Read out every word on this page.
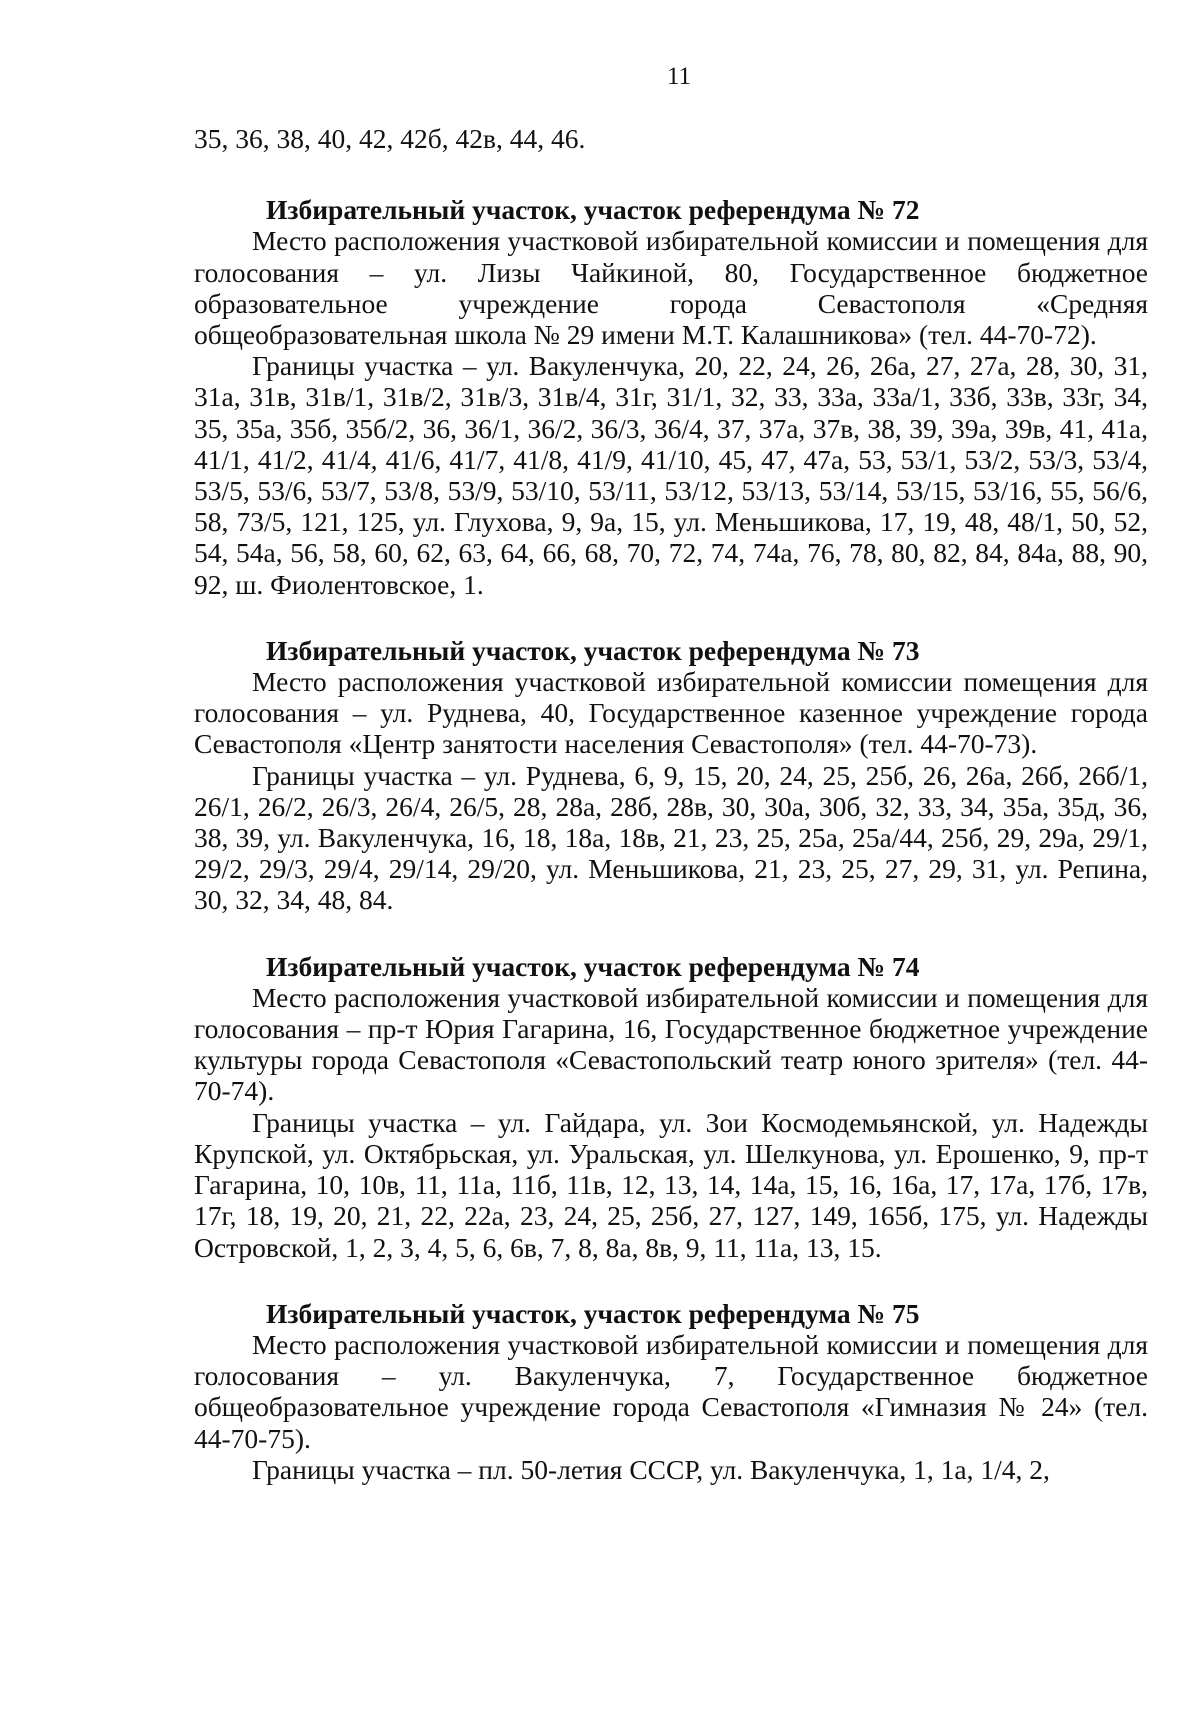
11

35, 36, 38, 40, 42, 42б, 42в, 44, 46.

Избирательный участок, участок референдума № 72

Место расположения участковой избирательной комиссии и помещения для голосования – ул. Лизы Чайкиной, 80, Государственное бюджетное образовательное учреждение города Севастополя «Средняя общеобразовательная школа № 29 имени М.Т. Калашникова» (тел. 44-70-72).

Границы участка – ул. Вакуленчука, 20, 22, 24, 26, 26а, 27, 27а, 28, 30, 31, 31а, 31в, 31в/1, 31в/2, 31в/3, 31в/4, 31г, 31/1, 32, 33, 33а, 33а/1, 33б, 33в, 33г, 34, 35, 35а, 35б, 35б/2, 36, 36/1, 36/2, 36/3, 36/4, 37, 37а, 37в, 38, 39, 39а, 39в, 41, 41а, 41/1, 41/2, 41/4, 41/6, 41/7, 41/8, 41/9, 41/10, 45, 47, 47а, 53, 53/1, 53/2, 53/3, 53/4, 53/5, 53/6, 53/7, 53/8, 53/9, 53/10, 53/11, 53/12, 53/13, 53/14, 53/15, 53/16, 55, 56/6, 58, 73/5, 121, 125, ул. Глухова, 9, 9а, 15, ул. Меньшикова, 17, 19, 48, 48/1, 50, 52, 54, 54а, 56, 58, 60, 62, 63, 64, 66, 68, 70, 72, 74, 74а, 76, 78, 80, 82, 84, 84а, 88, 90, 92, ш. Фиолентовское, 1.

Избирательный участок, участок референдума № 73

Место расположения участковой избирательной комиссии помещения для голосования – ул. Руднева, 40, Государственное казенное учреждение города Севастополя «Центр занятости населения Севастополя» (тел. 44-70-73).

Границы участка – ул. Руднева, 6, 9, 15, 20, 24, 25, 25б, 26, 26а, 26б, 26б/1, 26/1, 26/2, 26/3, 26/4, 26/5, 28, 28а, 28б, 28в, 30, 30а, 30б, 32, 33, 34, 35а, 35д, 36, 38, 39, ул. Вакуленчука, 16, 18, 18а, 18в, 21, 23, 25, 25а, 25а/44, 25б, 29, 29а, 29/1, 29/2, 29/3, 29/4, 29/14, 29/20, ул. Меньшикова, 21, 23, 25, 27, 29, 31, ул. Репина, 30, 32, 34, 48, 84.

Избирательный участок, участок референдума № 74

Место расположения участковой избирательной комиссии и помещения для голосования – пр-т Юрия Гагарина, 16, Государственное бюджетное учреждение культуры города Севастополя «Севастопольский театр юного зрителя» (тел. 44-70-74).

Границы участка – ул. Гайдара, ул. Зои Космодемьянской, ул. Надежды Крупской, ул. Октябрьская, ул. Уральская, ул. Шелкунова, ул. Ерошенко, 9, пр-т Гагарина, 10, 10в, 11, 11а, 11б, 11в, 12, 13, 14, 14а, 15, 16, 16а, 17, 17а, 17б, 17в, 17г, 18, 19, 20, 21, 22, 22а, 23, 24, 25, 25б, 27, 127, 149, 165б, 175, ул. Надежды Островской, 1, 2, 3, 4, 5, 6, 6в, 7, 8, 8а, 8в, 9, 11, 11а, 13, 15.

Избирательный участок, участок референдума № 75

Место расположения участковой избирательной комиссии и помещения для голосования – ул. Вакуленчука, 7, Государственное бюджетное общеобразовательное учреждение города Севастополя «Гимназия № 24» (тел. 44-70-75).

Границы участка – пл. 50-летия СССР, ул. Вакуленчука, 1, 1а, 1/4, 2,
